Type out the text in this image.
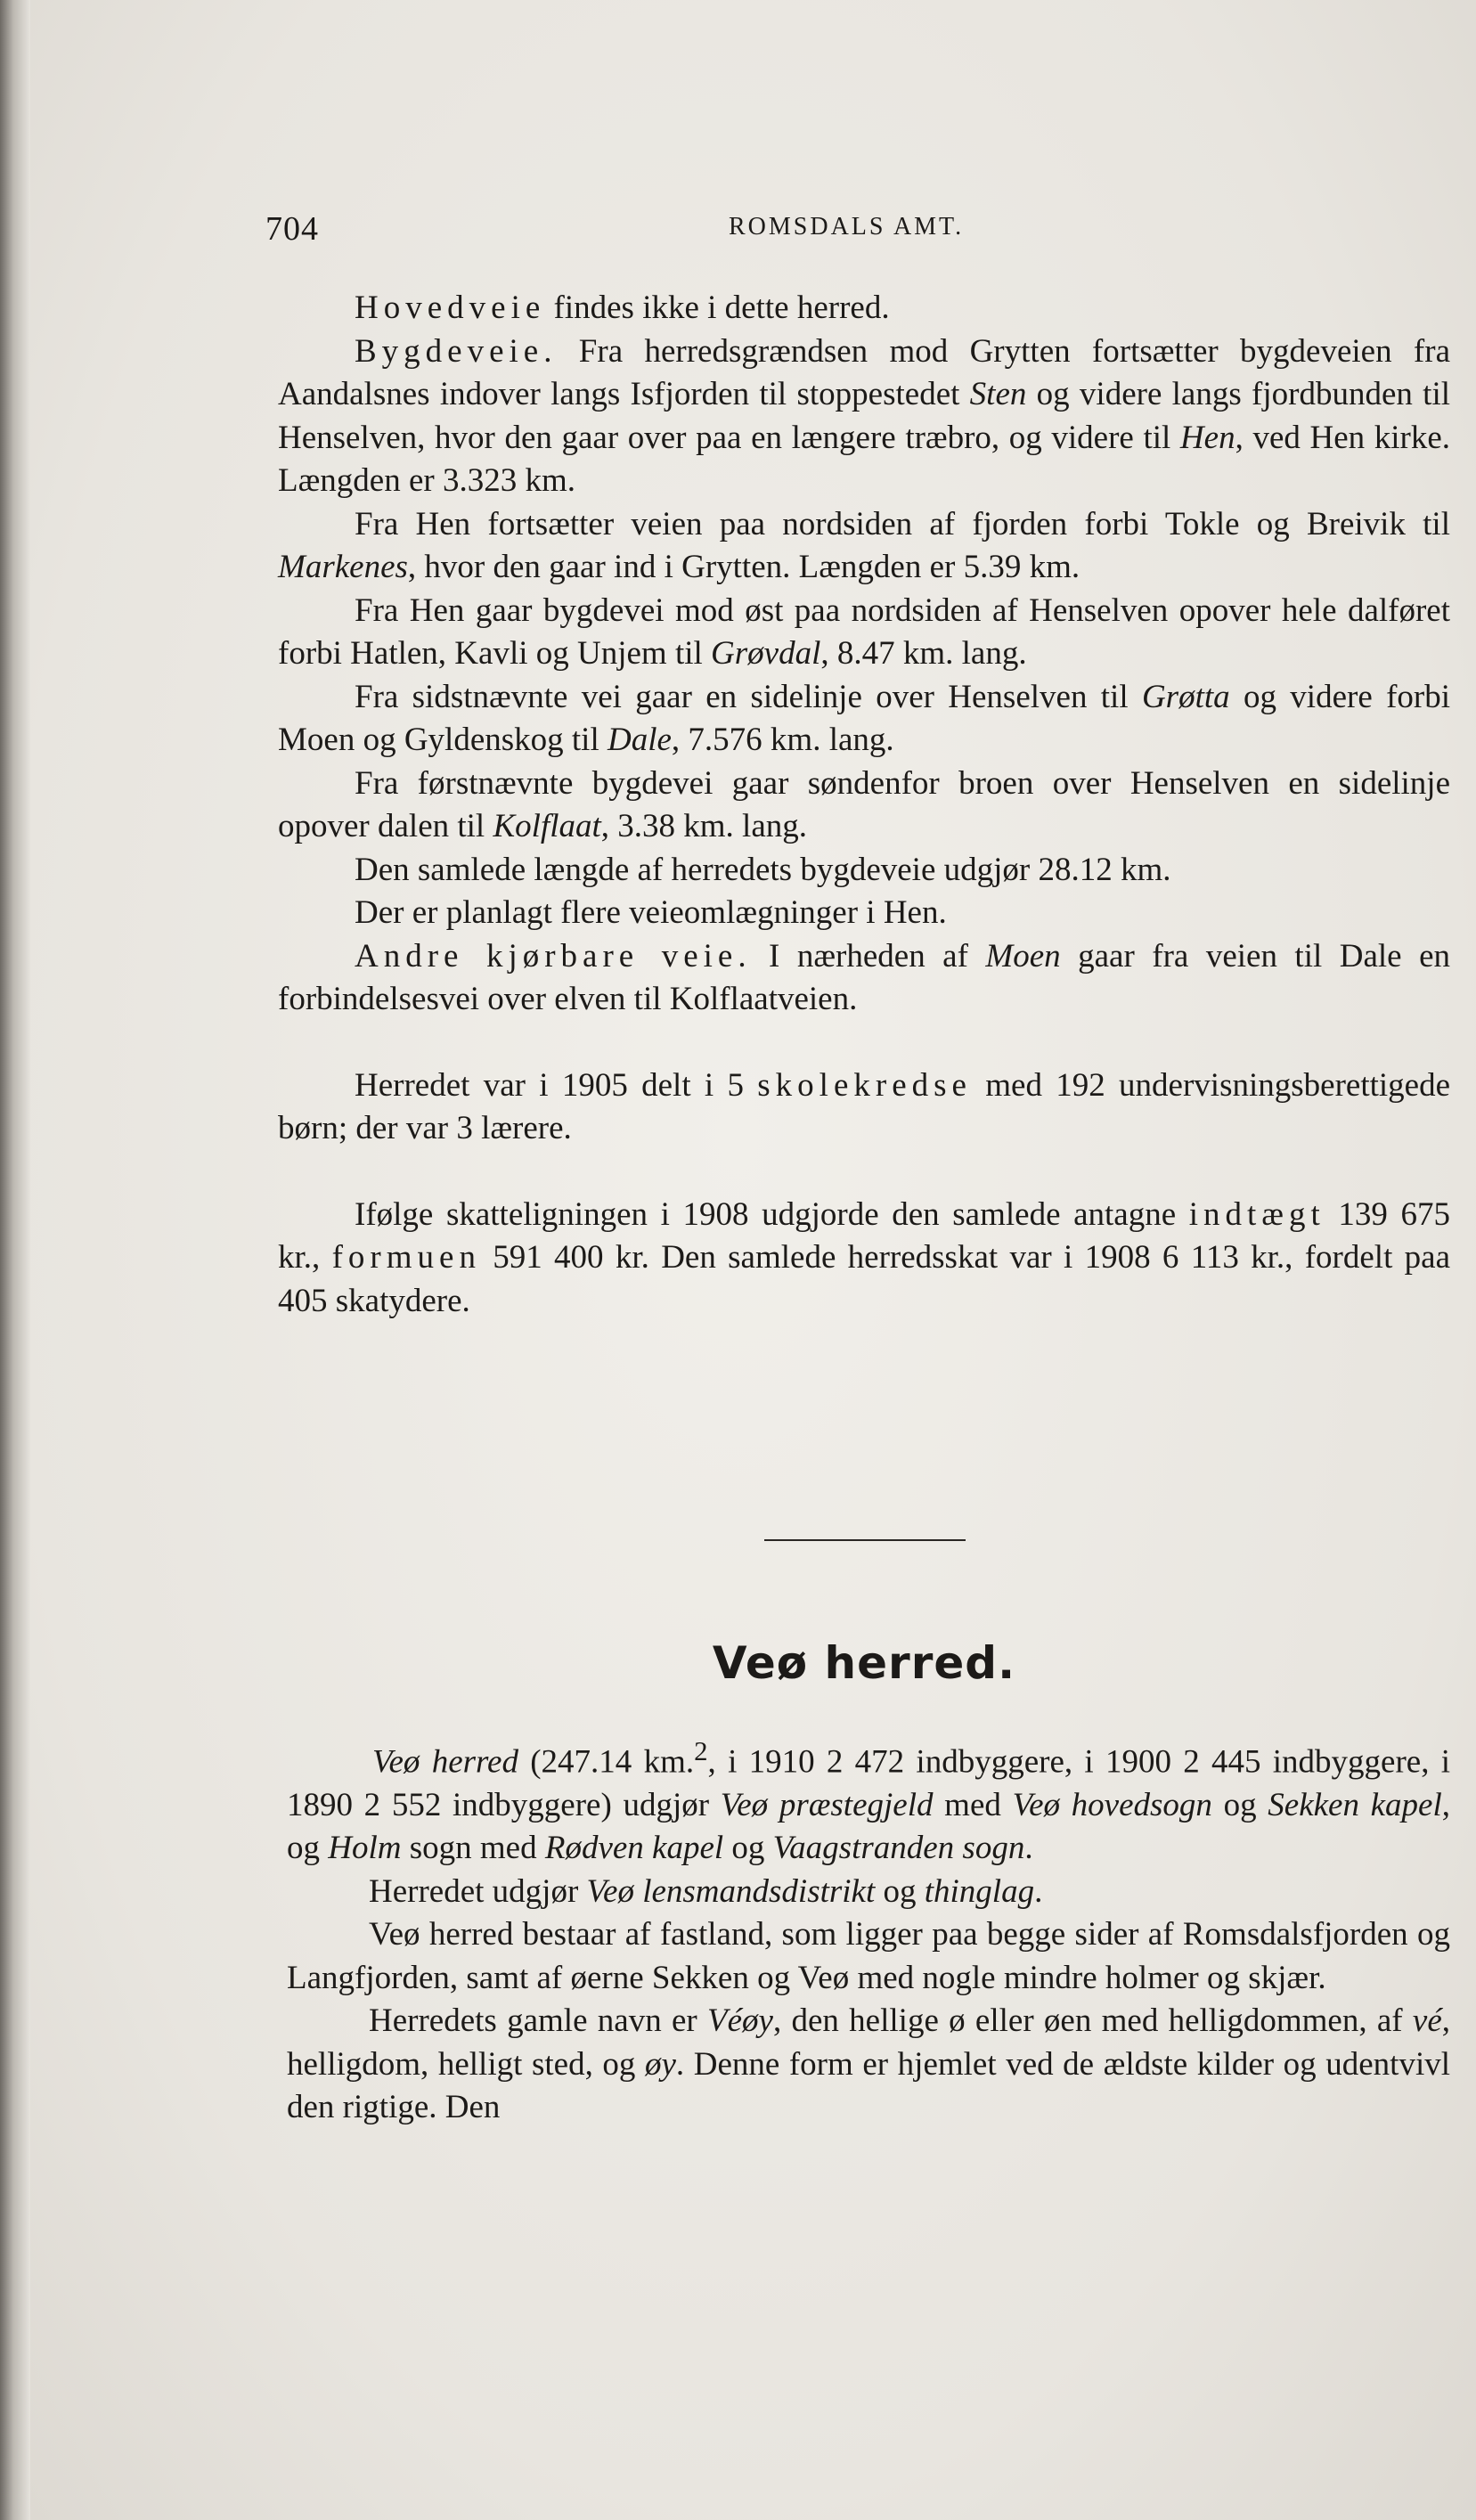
704	ROMSDALS AMT.

Hovedveie findes ikke i dette herred.

Bygdeveie. Fra herredsgrændsen mod Grytten fortsætter bygdeveien fra Aandalsnes indover langs Isfjorden til stoppestedet Sten og videre langs fjordbunden til Henselven, hvor den gaar over paa en længere træbro, og videre til Hen, ved Hen kirke. Længden er 3.323 km.

Fra Hen fortsætter veien paa nordsiden af fjorden forbi Tokle og Breivik til Markenes, hvor den gaar ind i Grytten. Længden er 5.39 km.

Fra Hen gaar bygdevei mod øst paa nordsiden af Henselven opover hele dalføret forbi Hatlen, Kavli og Unjem til Grøvdal, 8.47 km. lang.

Fra sidstnævnte vei gaar en sidelinje over Henselven til Grøtta og videre forbi Moen og Gyldenskog til Dale, 7.576 km. lang.

Fra førstnævnte bygdevei gaar søndenfor broen over Henselven en sidelinje opover dalen til Kolflaat, 3.38 km. lang.

Den samlede længde af herredets bygdeveie udgjør 28.12 km.

Der er planlagt flere veieomlægninger i Hen.

Andre kjørbare veie. I nærheden af Moen gaar fra veien til Dale en forbindelsesvei over elven til Kolflaatveien.

Herredet var i 1905 delt i 5 skolekredse med 192 undervisningsberettigede børn; der var 3 lærere.

Ifølge skatteligningen i 1908 udgjorde den samlede antagne indtægt 139 675 kr., formuen 591 400 kr. Den samlede herredsskat var i 1908 6 113 kr., fordelt paa 405 skatydere.

Veø herred.

Veø herred (247.14 km.$^2$, i 1910 2 472 indbyggere, i 1900 2 445 indbyggere, i 1890 2 552 indbyggere) udgjør Veø præstegjeld med Veø hovedsogn og Sekken kapel, og Holm sogn med Rødven kapel og Vaagstranden sogn.

Herredet udgjør Veø lensmandsdistrikt og thinglag.

Veø herred bestaar af fastland, som ligger paa begge sider af Romsdalsfjorden og Langfjorden, samt af øerne Sekken og Veø med nogle mindre holmer og skjær.

Herredets gamle navn er Véøy, den hellige ø eller øen med helligdommen, af vé, helligdom, helligt sted, og øy. Denne form er hjemlet ved de ældste kilder og udentvivl den rigtige. Den
